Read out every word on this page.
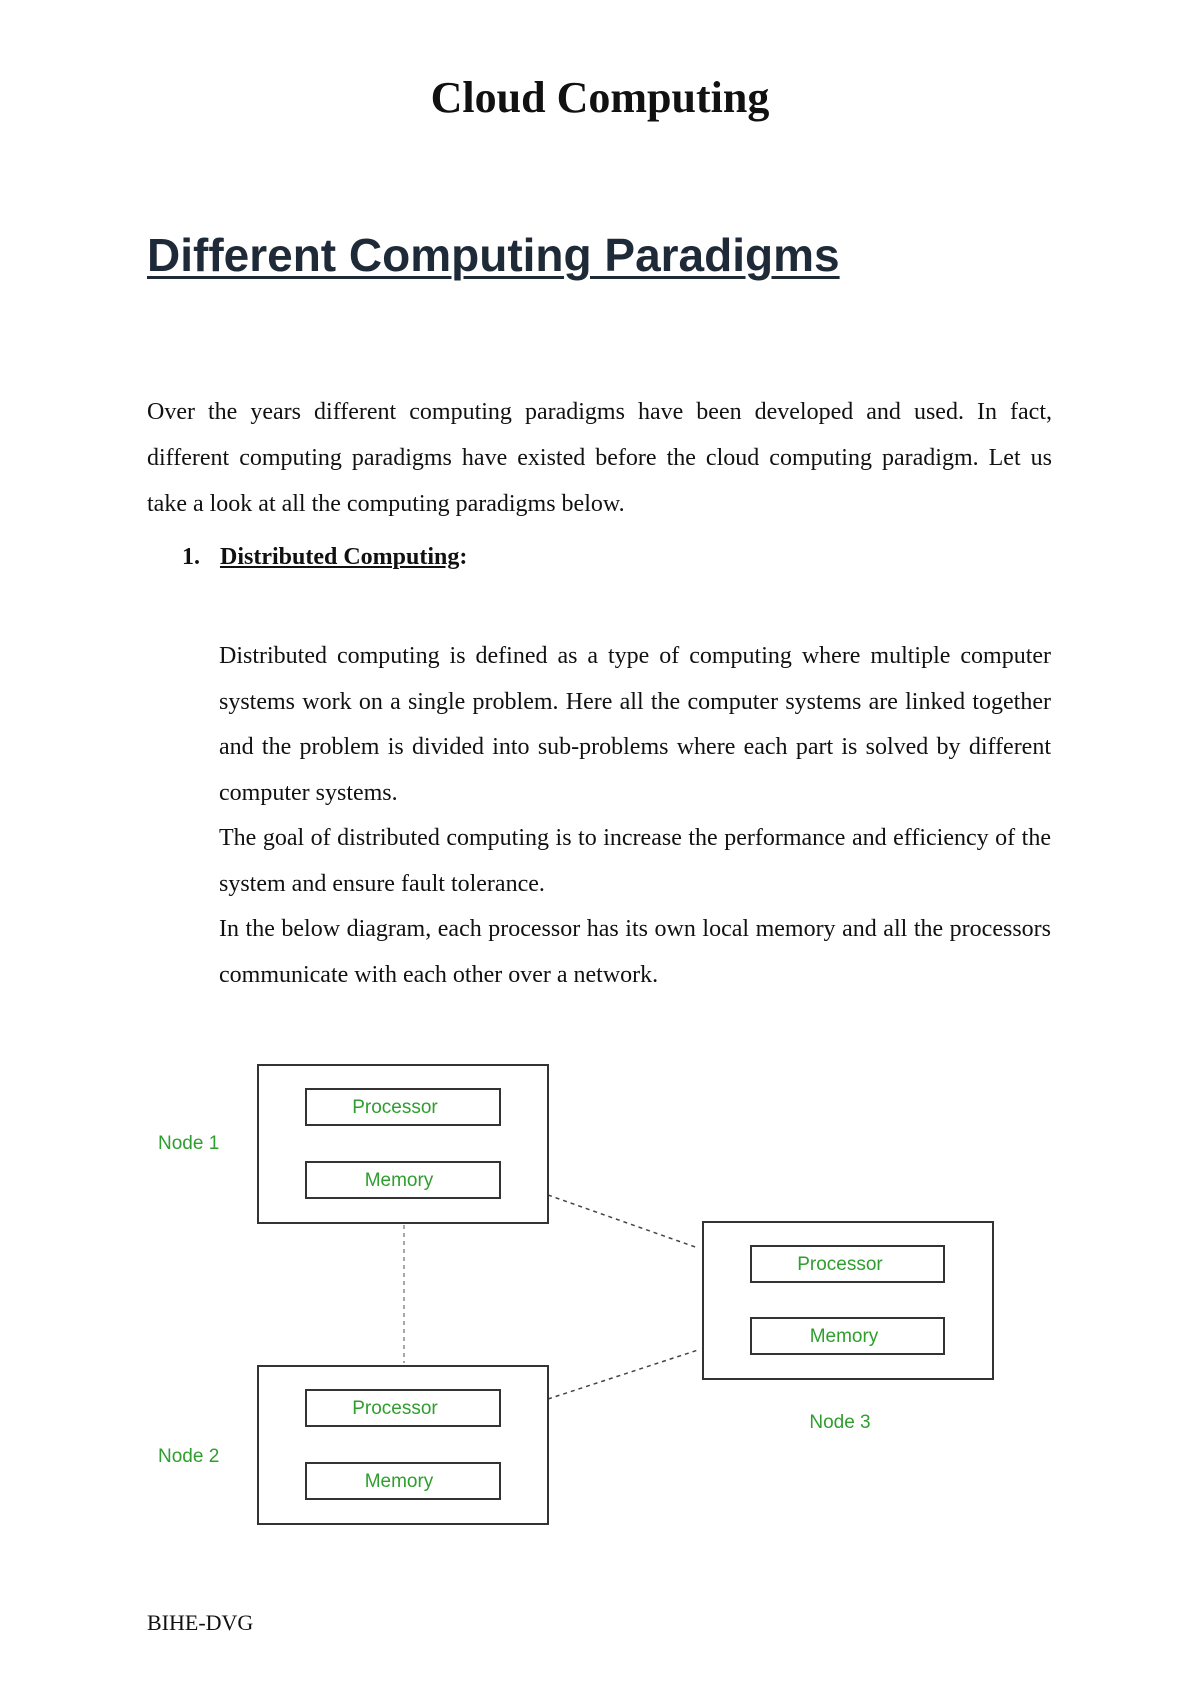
Cloud Computing
Different Computing Paradigms

Over the years different computing paradigms have been developed and used. In fact, different computing paradigms have existed before the cloud computing paradigm. Let us take a look at all the computing paradigms below.

1. Distributed Computing:

Distributed computing is defined as a type of computing where multiple computer systems work on a single problem. Here all the computer systems are linked together and the problem is divided into sub-problems where each part is solved by different computer systems.

The goal of distributed computing is to increase the performance and efficiency of the system and ensure fault tolerance.

In the below diagram, each processor has its own local memory and all the processors communicate with each other over a network.

Processor
Memory
Node 1
Processor
Memory
Node 2
Processor
Memory
Node 3
BIHE-DVG
